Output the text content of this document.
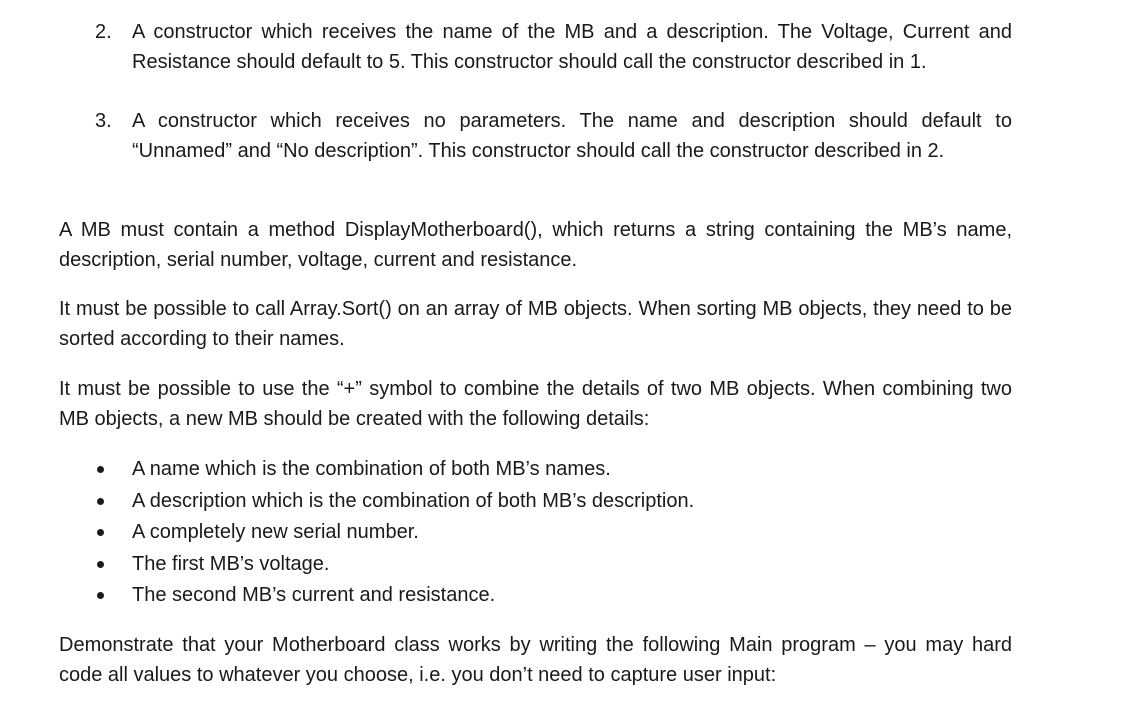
2. A constructor which receives the name of the MB and a description. The Voltage, Current and Resistance should default to 5. This constructor should call the constructor described in 1.
3. A constructor which receives no parameters. The name and description should default to “Unnamed” and “No description”. This constructor should call the constructor described in 2.
A MB must contain a method DisplayMotherboard(), which returns a string containing the MB’s name, description, serial number, voltage, current and resistance.
It must be possible to call Array.Sort() on an array of MB objects. When sorting MB objects, they need to be sorted according to their names.
It must be possible to use the “+” symbol to combine the details of two MB objects. When combining two MB objects, a new MB should be created with the following details:
A name which is the combination of both MB’s names.
A description which is the combination of both MB’s description.
A completely new serial number.
The first MB’s voltage.
The second MB’s current and resistance.
Demonstrate that your Motherboard class works by writing the following Main program – you may hard code all values to whatever you choose, i.e. you don’t need to capture user input:
